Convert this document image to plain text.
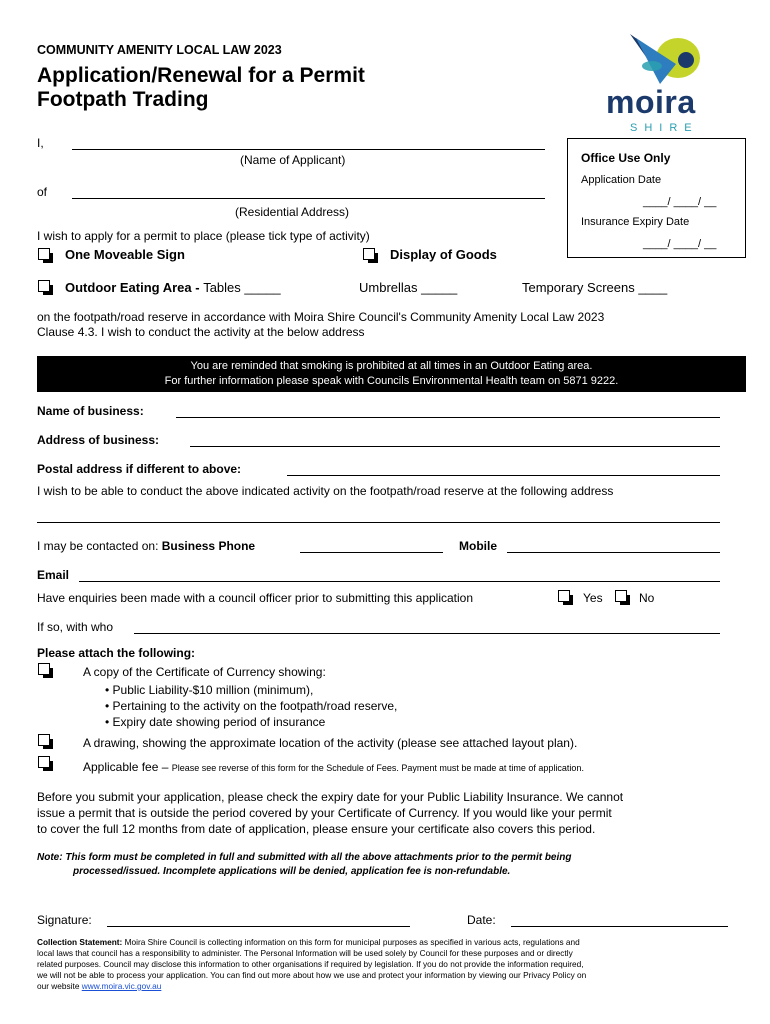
COMMUNITY AMENITY LOCAL LAW 2023
Application/Renewal for a Permit
Footpath Trading	moira
SHIRE
Office Use Only
Application Date
____/ ____/ __
Insurance Expiry Date
____/ ____/ __
I,
(Name of Applicant)
of
(Residential Address)
I wish to apply for a permit to place (please tick type of activity)
One Moveable Sign	Display of Goods
Outdoor Eating Area - Tables _____	Umbrellas _____	Temporary Screens ____
on the footpath/road reserve in accordance with Moira Shire Council's Community Amenity Local Law 2023
Clause 4.3. I wish to conduct the activity at the below address
You are reminded that smoking is prohibited at all times in an Outdoor Eating area.
For further information please speak with Councils Environmental Health team on 5871 9222.
Name of business:
Address of business:
Postal address if different to above:
I wish to be able to conduct the above indicated activity on the footpath/road reserve at the following address
I may be contacted on: Business Phone	Mobile
Email
Have enquiries been made with a council officer prior to submitting this application	Yes	No
If so, with who
Please attach the following:
A copy of the Certificate of Currency showing:
• Public Liability-$10 million (minimum),
• Pertaining to the activity on the footpath/road reserve,
• Expiry date showing period of insurance
A drawing, showing the approximate location of the activity (please see attached layout plan).
Applicable fee – Please see reverse of this form for the Schedule of Fees. Payment must be made at time of application.
Before you submit your application, please check the expiry date for your Public Liability Insurance. We cannot
issue a permit that is outside the period covered by your Certificate of Currency. If you would like your permit
to cover the full 12 months from date of application, please ensure your certificate also covers this period.
Note: This form must be completed in full and submitted with all the above attachments prior to the permit being
processed/issued. Incomplete applications will be denied, application fee is non-refundable.
Signature:	Date:
Collection Statement: Moira Shire Council is collecting information on this form for municipal purposes as specified in various acts, regulations and
local laws that council has a responsibility to administer. The Personal Information will be used solely by Council for these purposes and or directly
related purposes. Council may disclose this information to other organisations if required by legislation. If you do not provide the information required,
we will not be able to process your application. You can find out more about how we use and protect your information by viewing our Privacy Policy on
our website www.moira.vic.gov.au
